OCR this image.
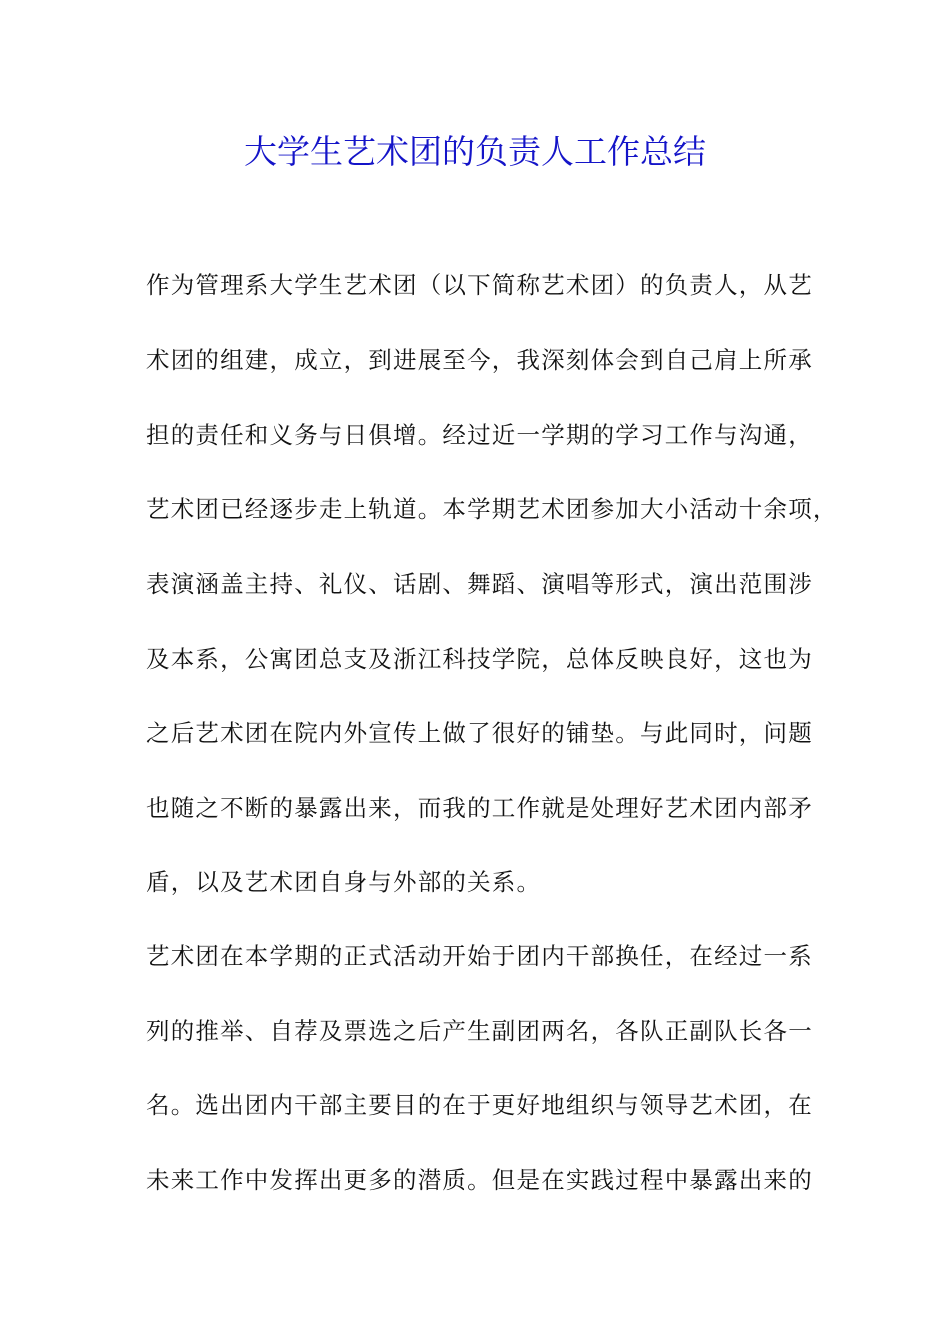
大学生艺术团的负责人工作总结
作为管理系大学生艺术团（以下简称艺术团）的负责人，从艺
术团的组建，成立，到进展至今，我深刻体会到自己肩上所承
担的责任和义务与日俱增。经过近一学期的学习工作与沟通，
艺术团已经逐步走上轨道。本学期艺术团参加大小活动十余项，
表演涵盖主持、礼仪、话剧、舞蹈、演唱等形式，演出范围涉
及本系，公寓团总支及浙江科技学院，总体反映良好，这也为
之后艺术团在院内外宣传上做了很好的铺垫。与此同时，问题
也随之不断的暴露出来，而我的工作就是处理好艺术团内部矛
盾，以及艺术团自身与外部的关系。
艺术团在本学期的正式活动开始于团内干部换任，在经过一系
列的推举、自荐及票选之后产生副团两名，各队正副队长各一
名。选出团内干部主要目的在于更好地组织与领导艺术团，在
未来工作中发挥出更多的潜质。但是在实践过程中暴露出来的
